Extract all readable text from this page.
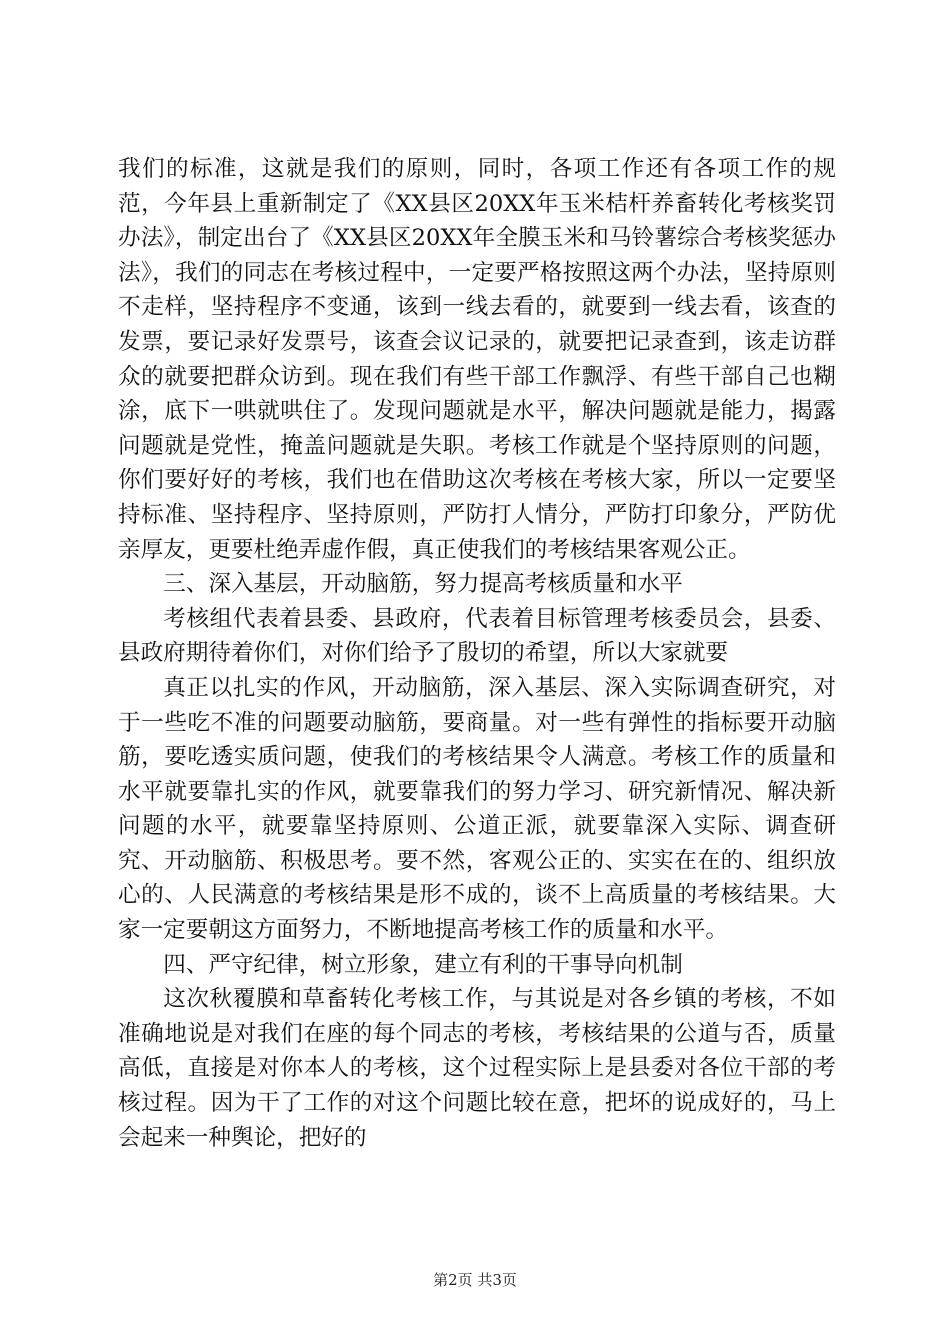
我们的标准，这就是我们的原则，同时，各项工作还有各项工作的规范，今年县上重新制定了《XX县区20XX年玉米桔杆养畜转化考核奖罚办法》，制定出台了《XX县区20XX年全膜玉米和马铃薯综合考核奖惩办法》，我们的同志在考核过程中，一定要严格按照这两个办法，坚持原则不走样，坚持程序不变通，该到一线去看的，就要到一线去看，该查的发票，要记录好发票号，该查会议记录的，就要把记录查到，该走访群众的就要把群众访到。现在我们有些干部工作飘浮、有些干部自己也糊涂，底下一哄就哄住了。发现问题就是水平，解决问题就是能力，揭露问题就是党性，掩盖问题就是失职。考核工作就是个坚持原则的问题，你们要好好的考核，我们也在借助这次考核在考核大家，所以一定要坚持标准、坚持程序、坚持原则，严防打人情分，严防打印象分，严防优亲厚友，更要杜绝弄虚作假，真正使我们的考核结果客观公正。

三、深入基层，开动脑筋，努力提高考核质量和水平

考核组代表着县委、县政府，代表着目标管理考核委员会，县委、县政府期待着你们，对你们给予了殷切的希望，所以大家就要

真正以扎实的作风，开动脑筋，深入基层、深入实际调查研究，对于一些吃不准的问题要动脑筋，要商量。对一些有弹性的指标要开动脑筋，要吃透实质问题，使我们的考核结果令人满意。考核工作的质量和水平就要靠扎实的作风，就要靠我们的努力学习、研究新情况、解决新问题的水平，就要靠坚持原则、公道正派，就要靠深入实际、调查研究、开动脑筋、积极思考。要不然，客观公正的、实实在在的、组织放心的、人民满意的考核结果是形不成的，谈不上高质量的考核结果。大家一定要朝这方面努力，不断地提高考核工作的质量和水平。

四、严守纪律，树立形象，建立有利的干事导向机制

这次秋覆膜和草畜转化考核工作，与其说是对各乡镇的考核，不如准确地说是对我们在座的每个同志的考核，考核结果的公道与否，质量高低，直接是对你本人的考核，这个过程实际上是县委对各位干部的考核过程。因为干了工作的对这个问题比较在意，把坏的说成好的，马上会起来一种舆论，把好的

第2页 共3页
